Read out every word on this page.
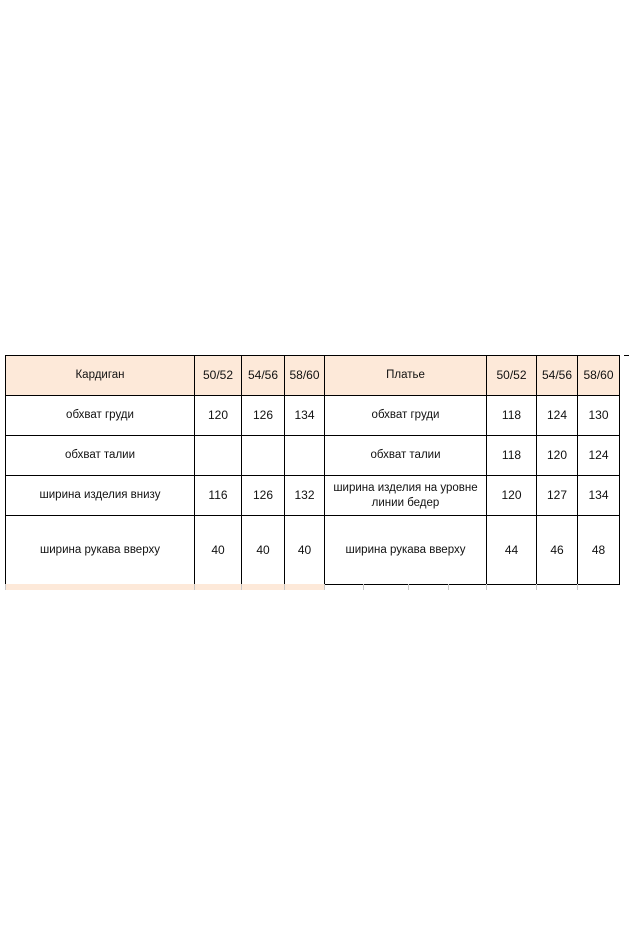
Кардиган	50/52	54/56	58/60	Платье	50/52	54/56	58/60
обхват груди	120	126	134	обхват груди	118	124	130
обхват талии				обхват талии	118	120	124
ширина изделия внизу	116	126	132	ширина изделия на уровне линии бедер	120	127	134
ширина рукава вверху	40	40	40	ширина рукава вверху	44	46	48
